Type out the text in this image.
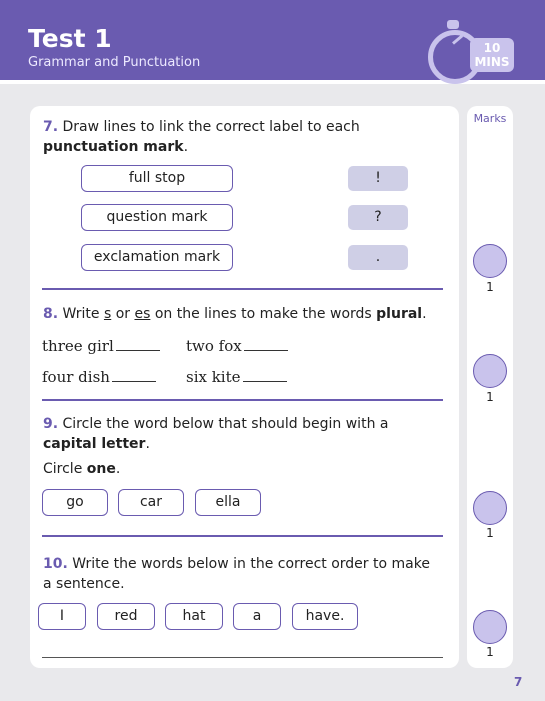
Test 1
Grammar and Punctuation
10
MINS
Marks
1
1
1
1
7. Draw lines to link the correct label to each
punctuation mark.
full stop
question mark
exclamation mark
!
?
.
8. Write s or es on the lines to make the words plural.
three girl	two fox
four dish	six kite
9. Circle the word below that should begin with a
capital letter.
Circle one.
go	car	ella
10. Write the words below in the correct order to make
a sentence.
I	red	hat	a	have.
7
